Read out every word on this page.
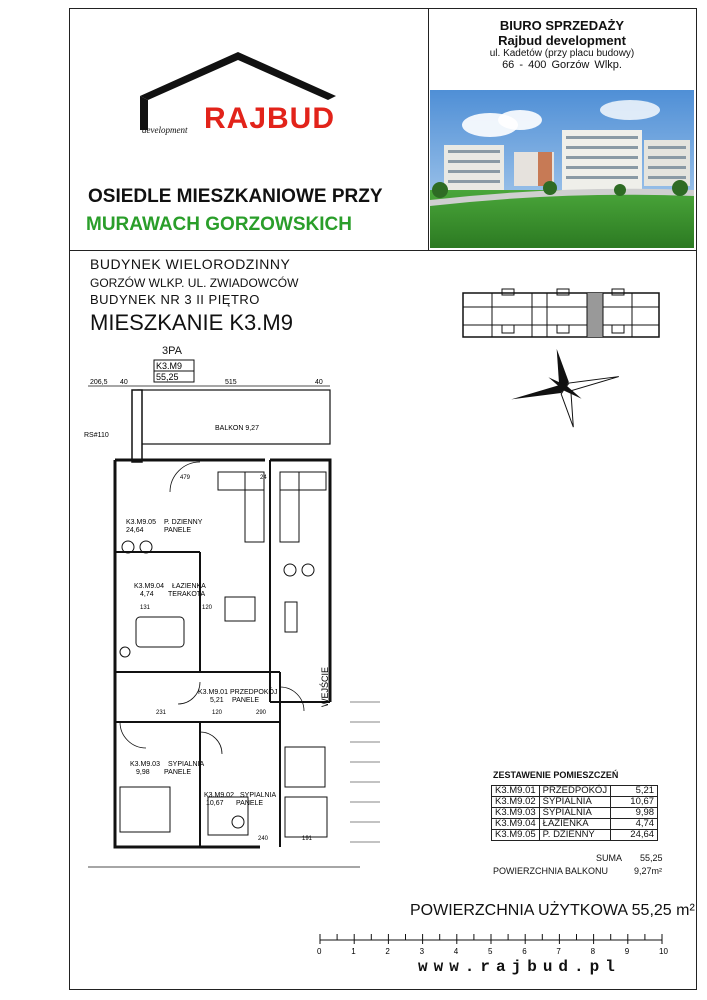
BIURO SPRZEDAŻY
Rajbud development
ul. Kadetów (przy placu budowy)
66 - 400 Gorzów Wlkp.
RAJBUD
development
OSIEDLE MIESZKANIOWE PRZY
MURAWACH GORZOWSKICH
BUDYNEK WIELORODZINNY
GORZÓW WLKP. UL. ZWIADOWCÓW
BUDYNEK NR 3 II PIĘTRO
MIESZKANIE K3.M9
3PA
K3.M9
55,25
206,5 40	515	40
BALKON 9,27
RS#110
K3.M9.05 P. DZIENNY
24,64	PANELE
K3.M9.04 ŁAZIENKA
4,74 TERAKOTA
K3.M9.01 PRZEDPOKÓJ
5,21 PANELE
K3.M9.03 SYPIALNIA
9,98 PANELE
K3.M9.02 SYPIALNIA
10,67 PANELE
479	24
120
231
131
191
120
240
290
WEJŚCIE
ZESTAWENIE POMIESZCZEŃ
K3.M9.01	PRZEDPOKÓJ	5,21
K3.M9.02	SYPIALNIA	10,67
K3.M9.03	SYPIALNIA	9,98
K3.M9.04	ŁAZIENKA	4,74
K3.M9.05	P. DZIENNY	24,64
SUMA 55,25
POWIERZCHNIA BALKONU	9,27m²
POWIERZCHNIA UŻYTKOWA 55,25 m²
0	1	2	3	4	5	6	7	8	9	10
www.rajbud.pl
